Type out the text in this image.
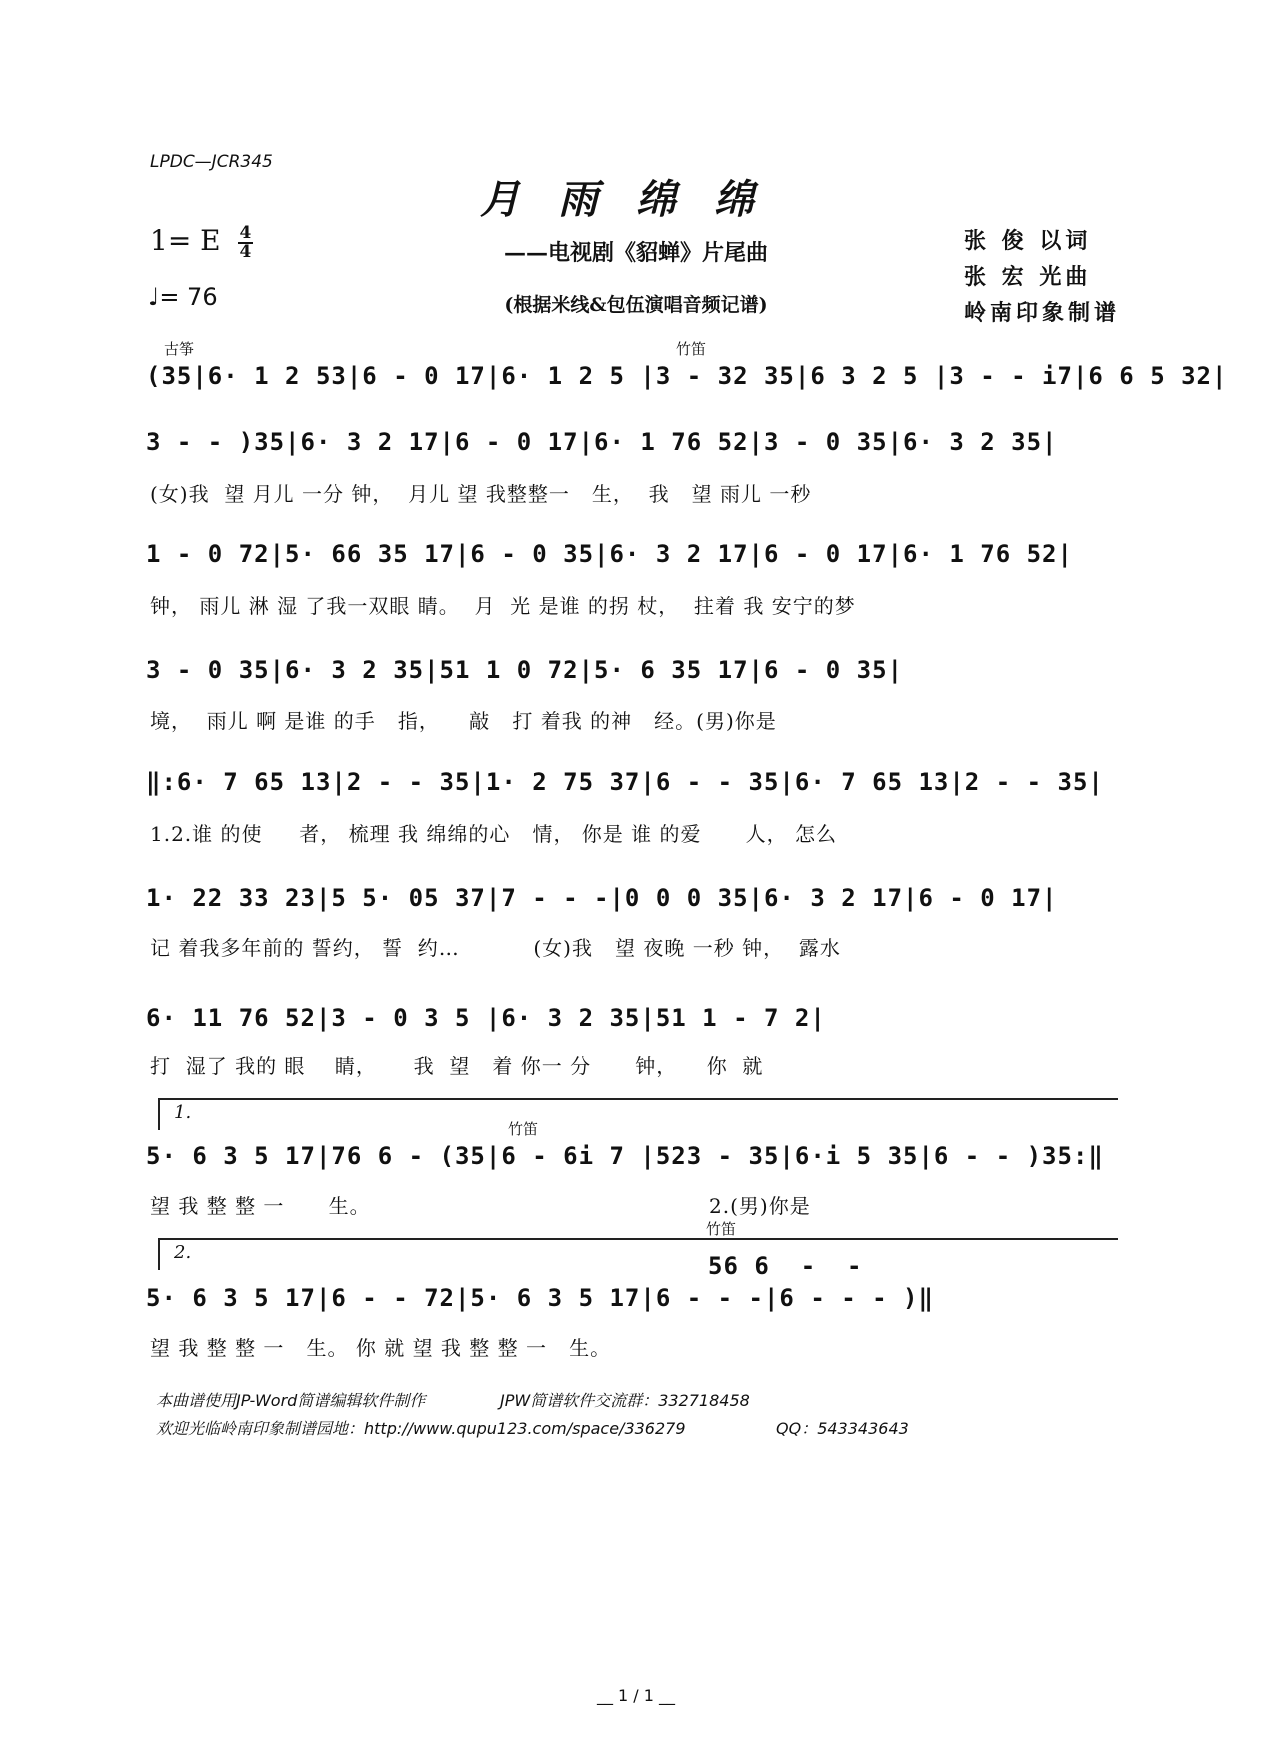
LPDC—JCR345
月雨绵绵
1= E $\frac{4}{4}$
♩= 76
——电视剧《貂蝉》片尾曲
(根据米线&包伍演唱音频记谱)
张 俊 以词
张 宏 光曲
岭南印象制谱
古筝	竹笛
(35|6· 1 2 53|6 - 0 17|6· 1 2 5 |3 - 32 35|6 3 2 5 |3 - - i7|6 6 5 32|
3 - - )35|6· 3 2 17|6 - 0 17|6· 1 76 52|3 - 0 35|6· 3 2 35|
(女)我  望 月儿 一分 钟，  月儿 望 我整整一   生，  我   望 雨儿 一秒
1 - 0 72|5· 66 35 17|6 - 0 35|6· 3 2 17|6 - 0 17|6· 1 76 52|
钟， 雨儿 淋 湿 了我一双眼 睛。  月  光 是谁 的拐 杖，  拄着 我 安宁的梦
3 - 0 35|6· 3 2 35|51 1 0 72|5· 6 35 17|6 - 0 35|
境，  雨儿 啊 是谁 的手   指，    敲   打 着我 的神   经。(男)你是
‖:6· 7 65 13|2 - - 35|1· 2 75 37|6 - - 35|6· 7 65 13|2 - - 35|
1.2.谁 的使     者， 梳理 我 绵绵的心   情， 你是 谁 的爱      人， 怎么
1· 22 33 23|5 5· 05 37|7 - - -|0 0 0 35|6· 3 2 17|6 - 0 17|
记 着我多年前的 誓约， 誓  约…          (女)我   望 夜晚 一秒 钟，  露水
6· 11 76 52|3 - 0 3 5 |6· 3 2 35|51 1 - 7 2|
打  湿了 我的 眼    睛，     我  望   着 你一 分      钟，    你  就
1.
竹笛
5· 6 3 5 17|76 6 - (35|6 - 6i 7 |523 - 35|6·i 5 35|6 - - )35:‖
望 我 整 整 一      生。                                              2.(男)你是
2.
竹笛
56 6  -  -
5· 6 3 5 17|6 - - 72|5· 6 3 5 17|6 - - -|6 - - - )‖
望 我 整 整 一   生。 你 就 望 我 整 整 一   生。
本曲谱使用JP-Word简谱编辑软件制作	JPW简谱软件交流群：332718458
欢迎光临岭南印象制谱园地：http://www.qupu123.com/space/336279	QQ：543343643
__ 1 / 1 __
